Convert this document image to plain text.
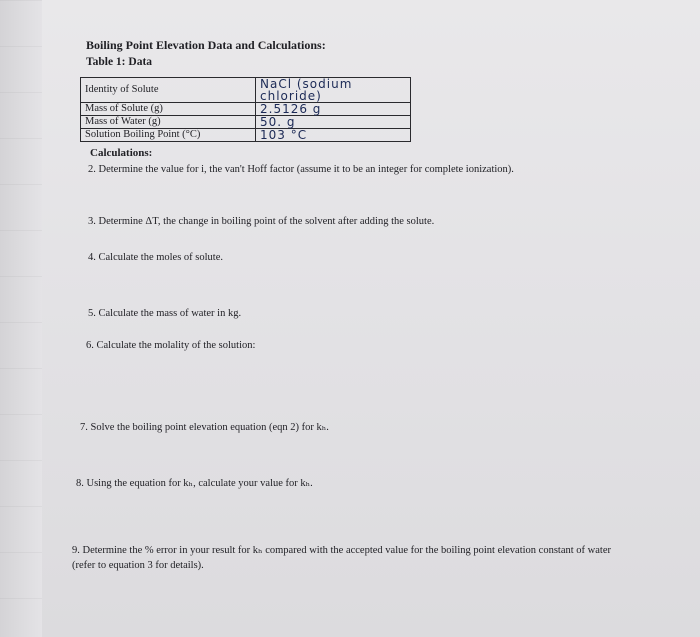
Boiling Point Elevation Data and Calculations:
Table 1: Data
Identity of Solute	NaCl (sodium chloride)
Mass of Solute (g)	2.5126 g
Mass of Water (g)	50. g
Solution Boiling Point (°C)	103 °C
Calculations:
2. Determine the value for i, the van't Hoff factor (assume it to be an integer for complete ionization).
3. Determine ΔT, the change in boiling point of the solvent after adding the solute.
4. Calculate the moles of solute.
5. Calculate the mass of water in kg.
6. Calculate the molality of the solution:
7. Solve the boiling point elevation equation (eqn 2) for kₕ.
8. Using the equation for kₕ, calculate your value for kₕ.
9. Determine the % error in your result for kₕ compared with the accepted value for the boiling point elevation constant of water (refer to equation 3 for details).
